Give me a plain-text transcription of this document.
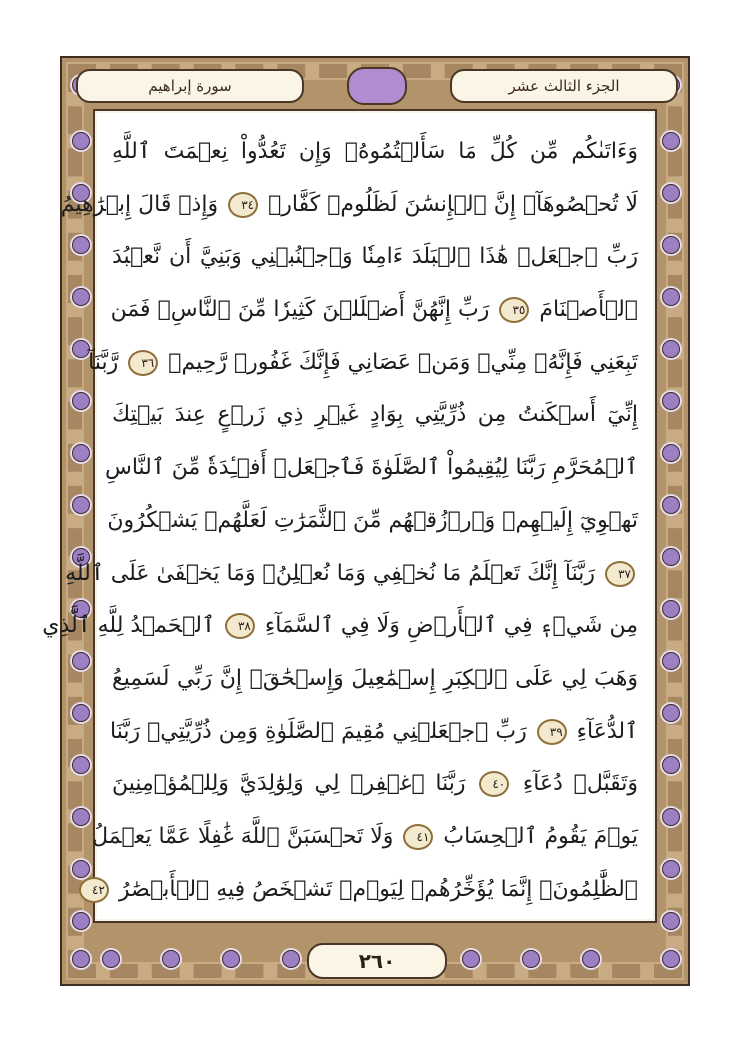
الجزء الثالث عشر
سورة إبراهيم
وَءَاتَىٰكُم مِّن كُلِّ مَا سَأَلۡتُمُوهُۚ وَإِن تَعُدُّواْ نِعۡمَتَ ٱللَّهِ
لَا تُحۡصُوهَآۗ إِنَّ ٱلۡإِنسَٰنَ لَظَلُومٞ كَفَّارٞ ٣٤ وَإِذۡ قَالَ إِبۡرَٰهِيمُ
رَبِّ ٱجۡعَلۡ هَٰذَا ٱلۡبَلَدَ ءَامِنٗا وَٱجۡنُبۡنِي وَبَنِيَّ أَن نَّعۡبُدَ
ٱلۡأَصۡنَامَ ٣٥ رَبِّ إِنَّهُنَّ أَضۡلَلۡنَ كَثِيرٗا مِّنَ ٱلنَّاسِۖ فَمَن
تَبِعَنِي فَإِنَّهُۥ مِنِّيۖ وَمَنۡ عَصَانِي فَإِنَّكَ غَفُورٞ رَّحِيمٞ ٣٦ رَّبَّنَآ
إِنِّيٓ أَسۡكَنتُ مِن ذُرِّيَّتِي بِوَادٍ غَيۡرِ ذِي زَرۡعٍ عِندَ بَيۡتِكَ
ٱلۡمُحَرَّمِ رَبَّنَا لِيُقِيمُواْ ٱلصَّلَوٰةَ فَٱجۡعَلۡ أَفۡـِٔدَةٗ مِّنَ ٱلنَّاسِ
تَهۡوِيٓ إِلَيۡهِمۡ وَٱرۡزُقۡهُم مِّنَ ٱلثَّمَرَٰتِ لَعَلَّهُمۡ يَشۡكُرُونَ
٣٧ رَبَّنَآ إِنَّكَ تَعۡلَمُ مَا نُخۡفِي وَمَا نُعۡلِنُۗ وَمَا يَخۡفَىٰ عَلَى ٱللَّهِ
مِن شَيۡءٖ فِي ٱلۡأَرۡضِ وَلَا فِي ٱلسَّمَآءِ ٣٨ ٱلۡحَمۡدُ لِلَّهِ ٱلَّذِي
وَهَبَ لِي عَلَى ٱلۡكِبَرِ إِسۡمَٰعِيلَ وَإِسۡحَٰقَۚ إِنَّ رَبِّي لَسَمِيعُ
ٱلدُّعَآءِ ٣٩ رَبِّ ٱجۡعَلۡنِي مُقِيمَ ٱلصَّلَوٰةِ وَمِن ذُرِّيَّتِيۚ رَبَّنَا
وَتَقَبَّلۡ دُعَآءِ ٤٠ رَبَّنَا ٱغۡفِرۡ لِي وَلِوَٰلِدَيَّ وَلِلۡمُؤۡمِنِينَ
يَوۡمَ يَقُومُ ٱلۡحِسَابُ ٤١ وَلَا تَحۡسَبَنَّ ٱللَّهَ غَٰفِلًا عَمَّا يَعۡمَلُ
ٱلظَّٰلِمُونَۚ إِنَّمَا يُؤَخِّرُهُمۡ لِيَوۡمٖ تَشۡخَصُ فِيهِ ٱلۡأَبۡصَٰرُ ٤٢
٢٦٠
